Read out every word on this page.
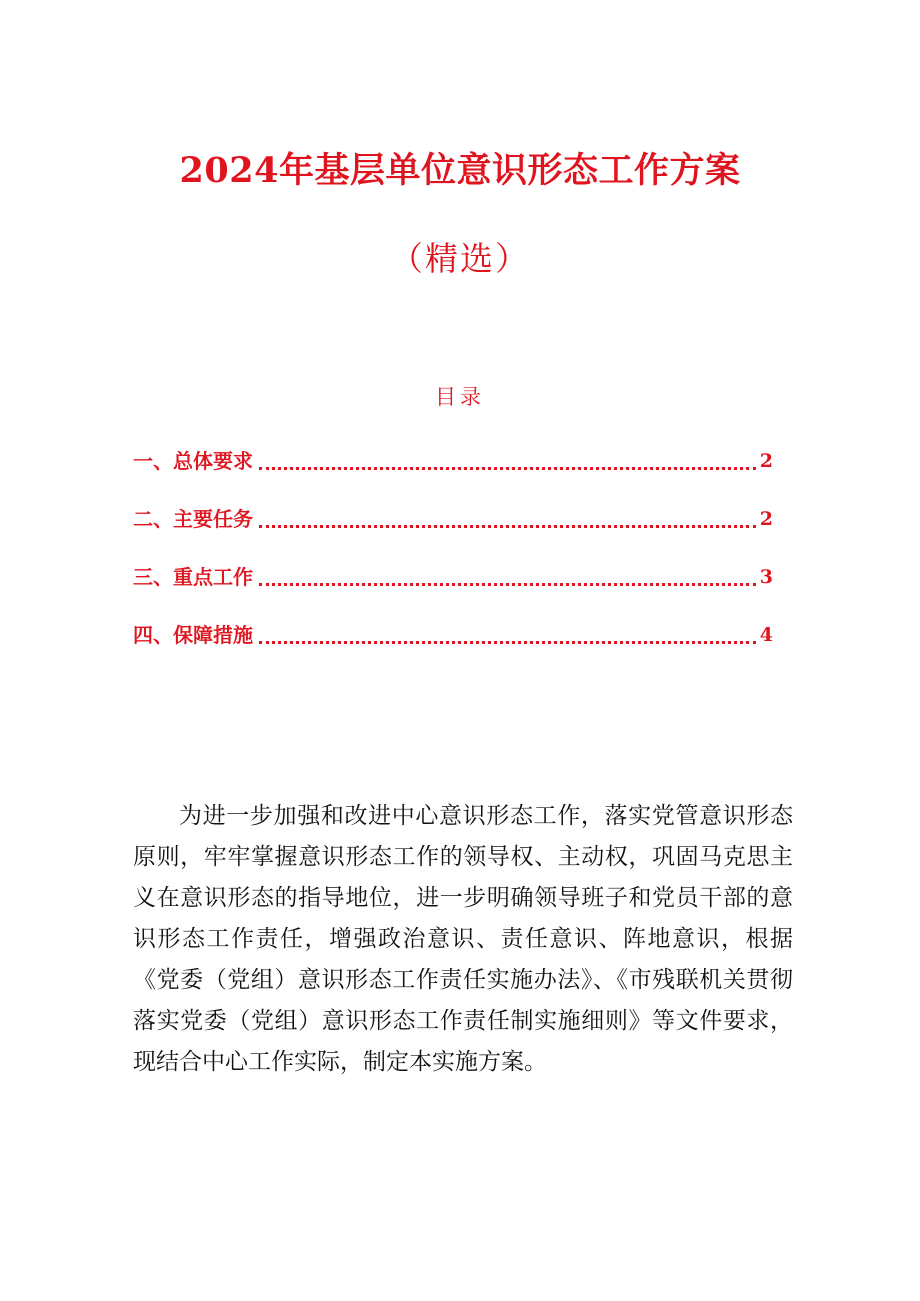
2024年基层单位意识形态工作方案
（精选）
目录
一、总体要求	2
二、主要任务	2
三、重点工作	3
四、保障措施	4

为进一步加强和改进中心意识形态工作，落实党管意识形态原则，牢牢掌握意识形态工作的领导权、主动权，巩固马克思主义在意识形态的指导地位，进一步明确领导班子和党员干部的意识形态工作责任，增强政治意识、责任意识、阵地意识，根据《党委（党组）意识形态工作责任实施办法》、《市残联机关贯彻落实党委（党组）意识形态工作责任制实施细则》等文件要求，现结合中心工作实际，制定本实施方案。
